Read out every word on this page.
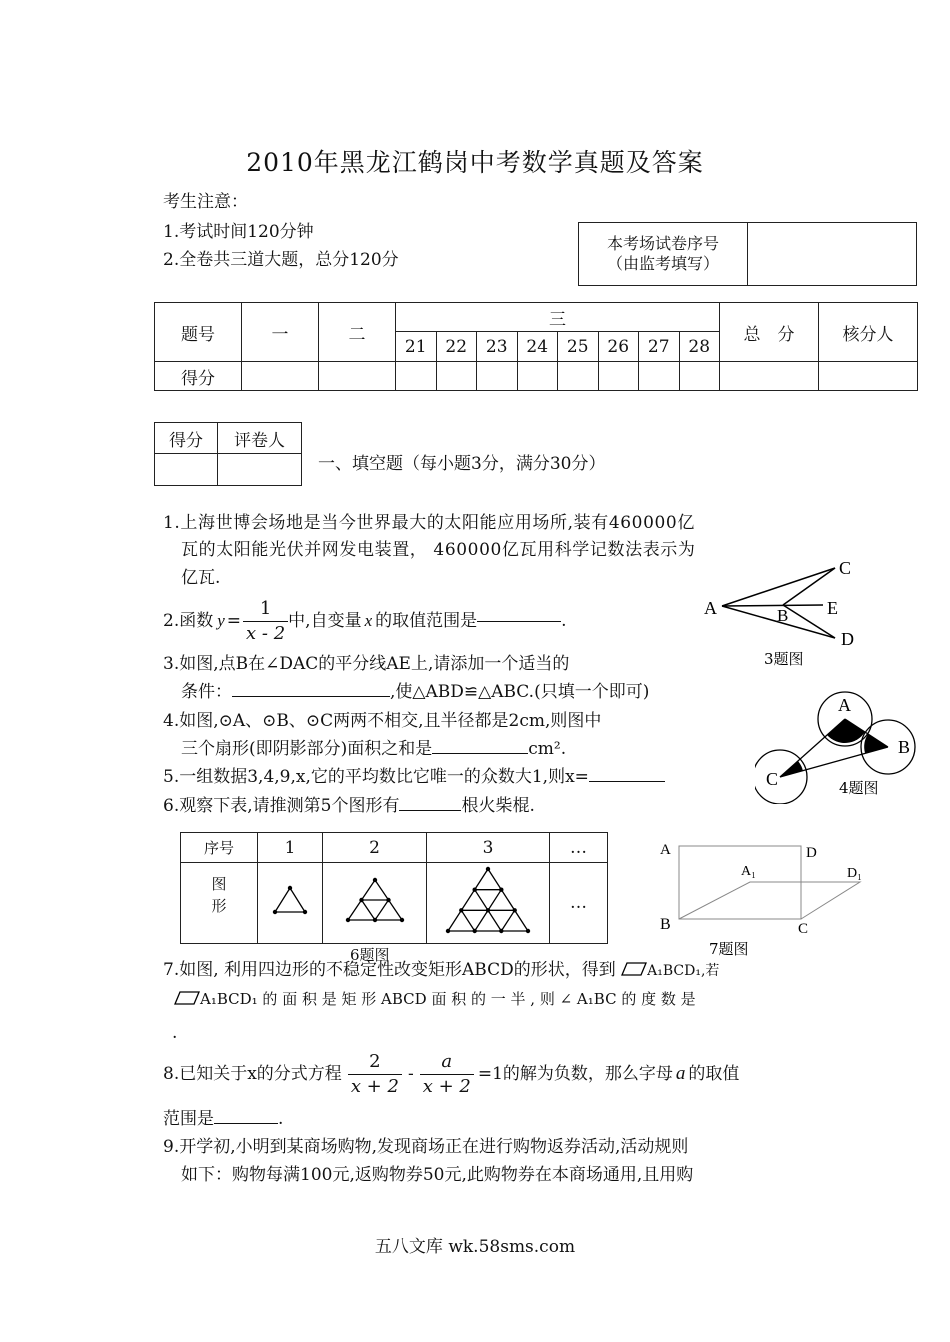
2010年黑龙江鹤岗中考数学真题及答案
考生注意：
1.考试时间120分钟
2.全卷共三道大题，总分120分
本考场试卷序号
（由监考填写）

题号	一	二	三								总　分	核分人
			21	22	23	24	25	26	27	28		
得分												
得分	评卷人

一、填空题（每小题3分，满分30分）
1.上海世博会场地是当今世界最大的太阳能应用场所,装有460000亿
瓦的太阳能光伏并网发电装置， 460000亿瓦用科学记数法表示为
亿瓦.
2.函数 $y = \frac{1}{x - 2}$ 中,自变量 x 的取值范围是	.
3.如图,点B在∠DAC的平分线AE上,请添加一个适当的
条件：	,使△ABD≌△ABC.(只填一个即可)
4.如图,⊙A、⊙B、⊙C两两不相交,且半径都是2cm,则图中
三个扇形(即阴影部分)面积之和是	cm².
5.一组数据3,4,9,x,它的平均数比它唯一的众数大1,则x=
6.观察下表,请推测第5个图形有	根火柴棍.
序号	1	2	3	…

图
形				…
6题图
A	B
C
D
E
3题图
A
B
C	4题图
A
B	C
D
A₁	D₁
7题图
7.如图, 利用四边形的不稳定性改变矩形ABCD的形状，得到 A₁BCD₁,若
A₁BCD₁ 的 面 积 是 矩 形 ABCD 面 积 的 一 半 , 则 ∠ A₁BC 的 度 数 是
.
8.已知关于x的分式方程 $\frac{2}{x + 2} - \frac{a}{x + 2} =1$的解为负数，那么字母 a 的取值
范围是	.
9.开学初,小明到某商场购物,发现商场正在进行购物返券活动,活动规则
如下：购物每满100元,返购物券50元,此购物券在本商场通用,且用购
五八文库 wk.58sms.com
